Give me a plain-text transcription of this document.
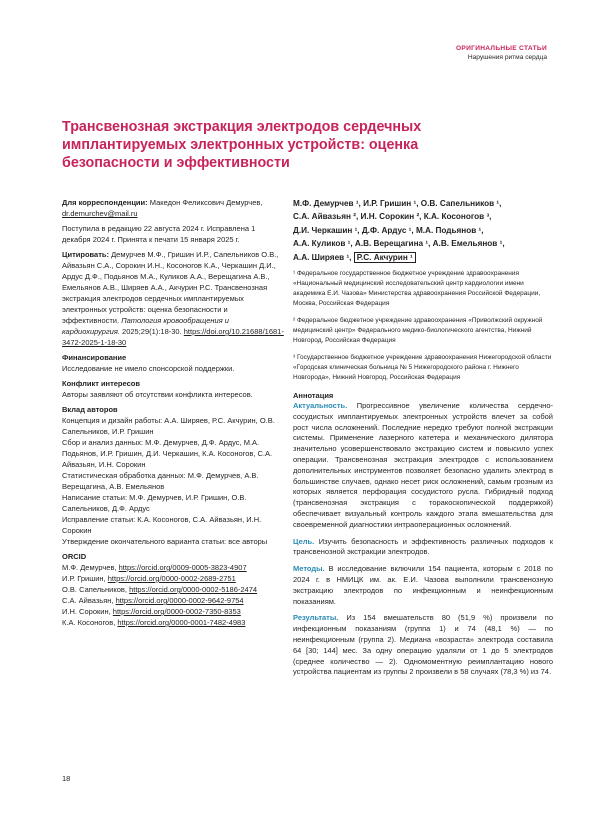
ОРИГИНАЛЬНЫЕ СТАТЬИ
Нарушения ритма сердца
Трансвенозная экстракция электродов сердечных имплантируемых электронных устройств: оценка безопасности и эффективности
Для корреспонденции: Македон Феликсович Демурчев, dr.demurchev@mail.ru
Поступила в редакцию 22 августа 2024 г. Исправлена 1 декабря 2024 г. Принята к печати 15 января 2025 г.
Цитировать: Демурчев М.Ф., Гришин И.Р., Сапельников О.В., Айвазьян С.А., Сорокин И.Н., Косоногов К.А., Черкашин Д.И., Ардус Д.Ф., Подьянов М.А., Куликов А.А., Верещагина А.В., Емельянов А.В., Ширяев А.А., Акчурин Р.С. Трансвенозная экстракция электродов сердечных имплантируемых электронных устройств: оценка безопасности и эффективности. Патология кровообращения и кардиохирургия. 2025;29(1):18-30. https://doi.org/10.21688/1681-3472-2025-1-18-30
Финансирование
Исследование не имело спонсорской поддержки.
Конфликт интересов
Авторы заявляют об отсутствии конфликта интересов.
Вклад авторов
Концепция и дизайн работы: А.А. Ширяев, Р.С. Акчурин, О.В. Сапельников, И.Р. Гришин
Сбор и анализ данных: М.Ф. Демурчев, Д.Ф. Ардус, М.А. Подьянов, И.Р. Гришин, Д.И. Черкашин, К.А. Косоногов, С.А. Айвазьян, И.Н. Сорокин
Статистическая обработка данных: М.Ф. Демурчев, А.В. Верещагина, А.В. Емельянов
Написание статьи: М.Ф. Демурчев, И.Р. Гришин, О.В. Сапельников, Д.Ф. Ардус
Исправление статьи: К.А. Косоногов, С.А. Айвазьян, И.Н. Сорокин
Утверждение окончательного варианта статьи: все авторы
ORCID
М.Ф. Демурчев, https://orcid.org/0009-0005-3823-4907
И.Р. Гришин, https://orcid.org/0000-0002-2689-2751
О.В. Сапельников, https://orcid.org/0000-0002-5186-2474
С.А. Айвазьян, https://orcid.org/0000-0002-9642-9754
И.Н. Сорокин, https://orcid.org/0000-0002-7350-8353
К.А. Косоногов, https://orcid.org/0000-0001-7482-4983
М.Ф. Демурчев ¹, И.Р. Гришин ¹, О.В. Сапельников ¹,
С.А. Айвазьян ², И.Н. Сорокин ², К.А. Косоногов ³,
Д.И. Черкашин ¹, Д.Ф. Ардус ¹, М.А. Подьянов ¹,
А.А. Куликов ¹, А.В. Верещагина ¹, А.В. Емельянов ¹,
А.А. Ширяев ¹, Р.С. Акчурин ¹

¹ Федеральное государственное бюджетное учреждение здравоохранения «Национальный медицинский исследовательский центр кардиологии имени академика Е.И. Чазова» Министерства здравоохранения Российской Федерации, Москва, Российская Федерация

² Федеральное бюджетное учреждение здравоохранения «Приволжский окружной медицинский центр» Федерального медико-биологического агентства, Нижний Новгород, Российская Федерация

³ Государственное бюджетное учреждение здравоохранения Нижегородской области «Городская клиническая больница № 5 Нижегородского района г. Нижнего Новгорода», Нижний Новгород, Российская Федерация

Аннотация

Актуальность. Прогрессивное увеличение количества сердечно-сосудистых имплантируемых электронных устройств влечет за собой рост числа осложнений. Последние нередко требуют полной экстракции системы. Применение лазерного катетера и механического дилятора значительно усовершенствовало экстракцию систем и повысило успех операции. Трансвенозная экстракция электродов с использованием дополнительных инструментов позволяет безопасно удалить электрод в большинстве случаев, однако несет риск осложнений, самым грозным из которых является перфорация сосудистого русла. Гибридный подход (трансвенозная экстракция с торакоскопической поддержкой) обеспечивает визуальный контроль каждого этапа вмешательства для своевременной диагностики интраоперационных осложнений.

Цель. Изучить безопасность и эффективность различных подходов к трансвенозной экстракции электродов.

Методы. В исследование включили 154 пациента, которым с 2018 по 2024 г. в НМИЦК им. ак. Е.И. Чазова выполнили трансвенозную экстракцию электродов по инфекционным и неинфекционным показаниям.

Результаты. Из 154 вмешательств 80 (51,9 %) произвели по инфекционным показаниям (группа 1) и 74 (48,1 %) — по неинфекционным (группа 2). Медиана «возраста» электрода составила 64 [30; 144] мес. За одну операцию удаляли от 1 до 5 электродов (среднее количество — 2). Одномоментную реимплантацию нового устройства пациентам из группы 2 произвели в 58 случаях (78,3 %) из 74.

18
